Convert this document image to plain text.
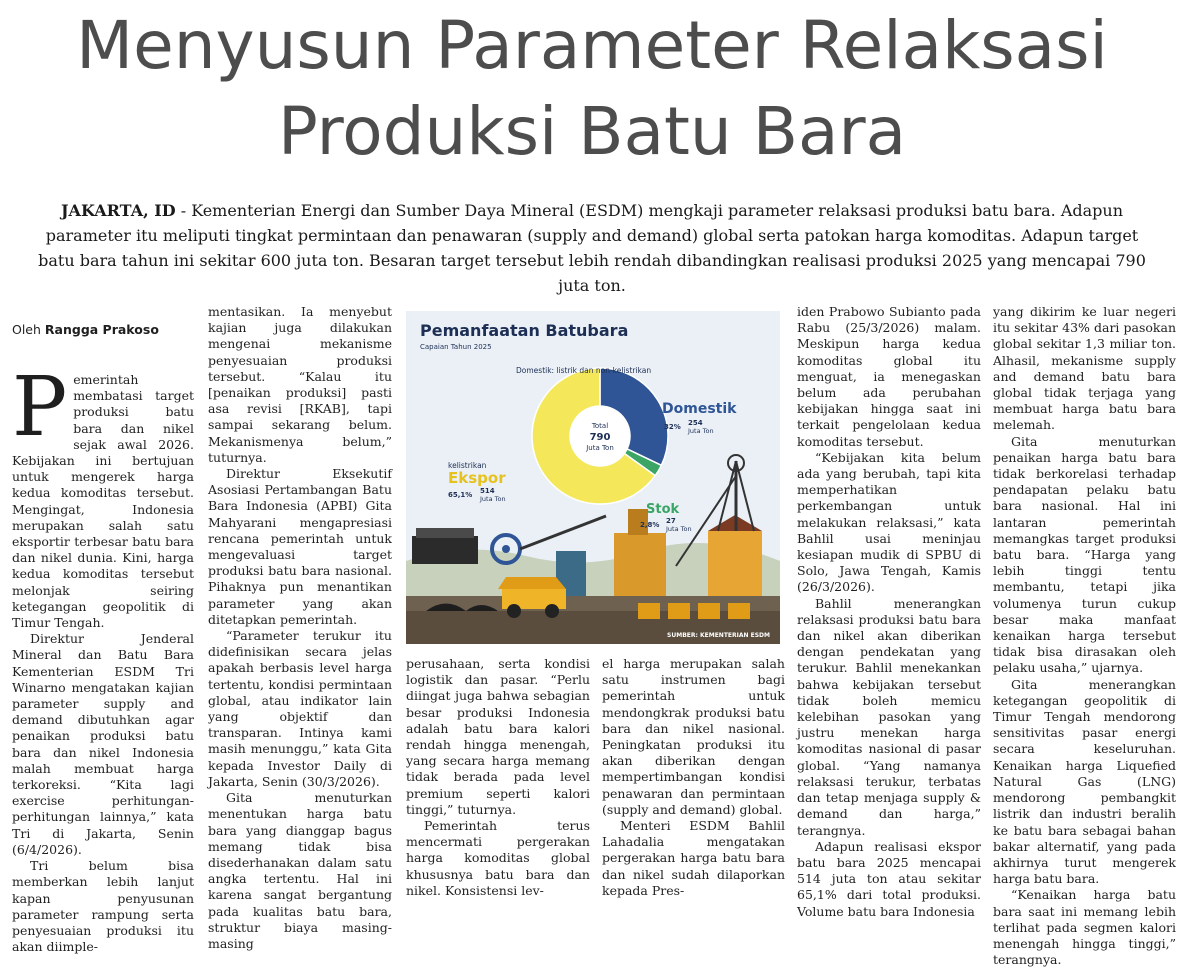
Menyusun Parameter Relaksasi
Produksi Batu Bara
JAKARTA, ID - Kementerian Energi dan Sumber Daya Mineral (ESDM) mengkaji parameter relaksasi produksi batu bara. Adapun parameter itu meliputi tingkat permintaan dan penawaran (supply and demand) global serta patokan harga komoditas. Adapun target batu bara tahun ini sekitar 600 juta ton. Besaran target tersebut lebih rendah dibandingkan realisasi produksi 2025 yang mencapai 790 juta ton.
Oleh Rangga Prakoso
P emerintah membatasi target produksi batu bara dan nikel sejak awal 2026. Kebijakan ini bertujuan untuk mengerek harga kedua komoditas tersebut. Mengingat, Indonesia merupakan salah satu eksportir terbesar batu bara dan nikel dunia. Kini, harga kedua komoditas tersebut melonjak seiring ketegangan geopolitik di Timur Tengah.

Direktur Jenderal Mineral dan Batu Bara Kementerian ESDM Tri Winarno mengatakan kajian parameter supply and demand dibutuhkan agar penaikan produksi batu bara dan nikel Indonesia malah membuat harga terkoreksi. “Kita lagi exercise perhitungan-perhitungan lainnya,” kata Tri di Jakarta, Senin (6/4/2026).

Tri belum bisa memberkan lebih lanjut kapan penyusunan parameter rampung serta penyesuaian produksi itu akan diimple-

mentasikan. Ia menyebut kajian juga dilakukan mengenai mekanisme penyesuaian produksi tersebut. “Kalau itu [penaikan produksi] pasti asa revisi [RKAB], tapi sampai sekarang belum. Mekanismenya belum,” tuturnya.

Direktur Eksekutif Asosiasi Pertambangan Batu Bara Indonesia (APBI) Gita Mahyarani mengapresiasi rencana pemerintah untuk mengevaluasi target produksi batu bara nasional. Pihaknya pun menantikan parameter yang akan ditetapkan pemerintah.

“Parameter terukur itu didefinisikan secara jelas apakah berbasis level harga tertentu, kondisi permintaan global, atau indikator lain yang objektif dan transparan. Intinya kami masih menunggu,” kata Gita kepada Investor Daily di Jakarta, Senin (30/3/2026).

Gita menuturkan menentukan harga batu bara yang dianggap bagus memang tidak bisa disederhanakan dalam satu angka tertentu. Hal ini karena sangat bergantung pada kualitas batu bara, struktur biaya masing-masing

Total
790
Juta Ton
Domestik: listrik dan non-kelistrikan
Domestik
32% 254
Juta Ton
Stok
2,8% 27
Juta Ton
kelistrikan
Ekspor
65,1% 514
Juta Ton
Pemanfaatan Batubara
Capaian Tahun 2025
SUMBER: KEMENTERIAN ESDM

perusahaan, serta kondisi logistik dan pasar. “Perlu diingat juga bahwa sebagian besar produksi Indonesia adalah batu bara kalori rendah hingga menengah, yang secara harga memang tidak berada pada level premium seperti kalori tinggi,” tuturnya.

Pemerintah terus mencermati pergerakan harga komoditas global khususnya batu bara dan nikel. Konsistensi lev-

el harga merupakan salah satu instrumen bagi pemerintah untuk mendongkrak produksi batu bara dan nikel nasional. Peningkatan produksi itu akan diberikan dengan mempertimbangan kondisi penawaran dan permintaan (supply and demand) global.

Menteri ESDM Bahlil Lahadalia mengatakan pergerakan harga batu bara dan nikel sudah dilaporkan kepada Pres-

iden Prabowo Subianto pada Rabu (25/3/2026) malam. Meskipun harga kedua komoditas global itu menguat, ia menegaskan belum ada perubahan kebijakan hingga saat ini terkait pengelolaan kedua komoditas tersebut.

“Kebijakan kita belum ada yang berubah, tapi kita memperhatikan perkembangan untuk melakukan relaksasi,” kata Bahlil usai meninjau kesiapan mudik di SPBU di Solo, Jawa Tengah, Kamis (26/3/2026).

Bahlil menerangkan relaksasi produksi batu bara dan nikel akan diberikan dengan pendekatan yang terukur. Bahlil menekankan bahwa kebijakan tersebut tidak boleh memicu kelebihan pasokan yang justru menekan harga komoditas nasional di pasar global. “Yang namanya relaksasi terukur, terbatas dan tetap menjaga supply & demand dan harga,” terangnya.

Adapun realisasi ekspor batu bara 2025 mencapai 514 juta ton atau sekitar 65,1% dari total produksi. Volume batu bara Indonesia

yang dikirim ke luar negeri itu sekitar 43% dari pasokan global sekitar 1,3 miliar ton. Alhasil, mekanisme supply and demand batu bara global tidak terjaga yang membuat harga batu bara melemah.

Gita menuturkan penaikan harga batu bara tidak berkorelasi terhadap pendapatan pelaku batu bara nasional. Hal ini lantaran pemerintah memangkas target produksi batu bara. “Harga yang lebih tinggi tentu membantu, tetapi jika volumenya turun cukup besar maka manfaat kenaikan harga tersebut tidak bisa dirasakan oleh pelaku usaha,” ujarnya.

Gita menerangkan ketegangan geopolitik di Timur Tengah mendorong sensitivitas pasar energi secara keseluruhan. Kenaikan harga Liquefied Natural Gas (LNG) mendorong pembangkit listrik dan industri beralih ke batu bara sebagai bahan bakar alternatif, yang pada akhirnya turut mengerek harga batu bara.

“Kenaikan harga batu bara saat ini memang lebih terlihat pada segmen kalori menengah hingga tinggi,” terangnya.
